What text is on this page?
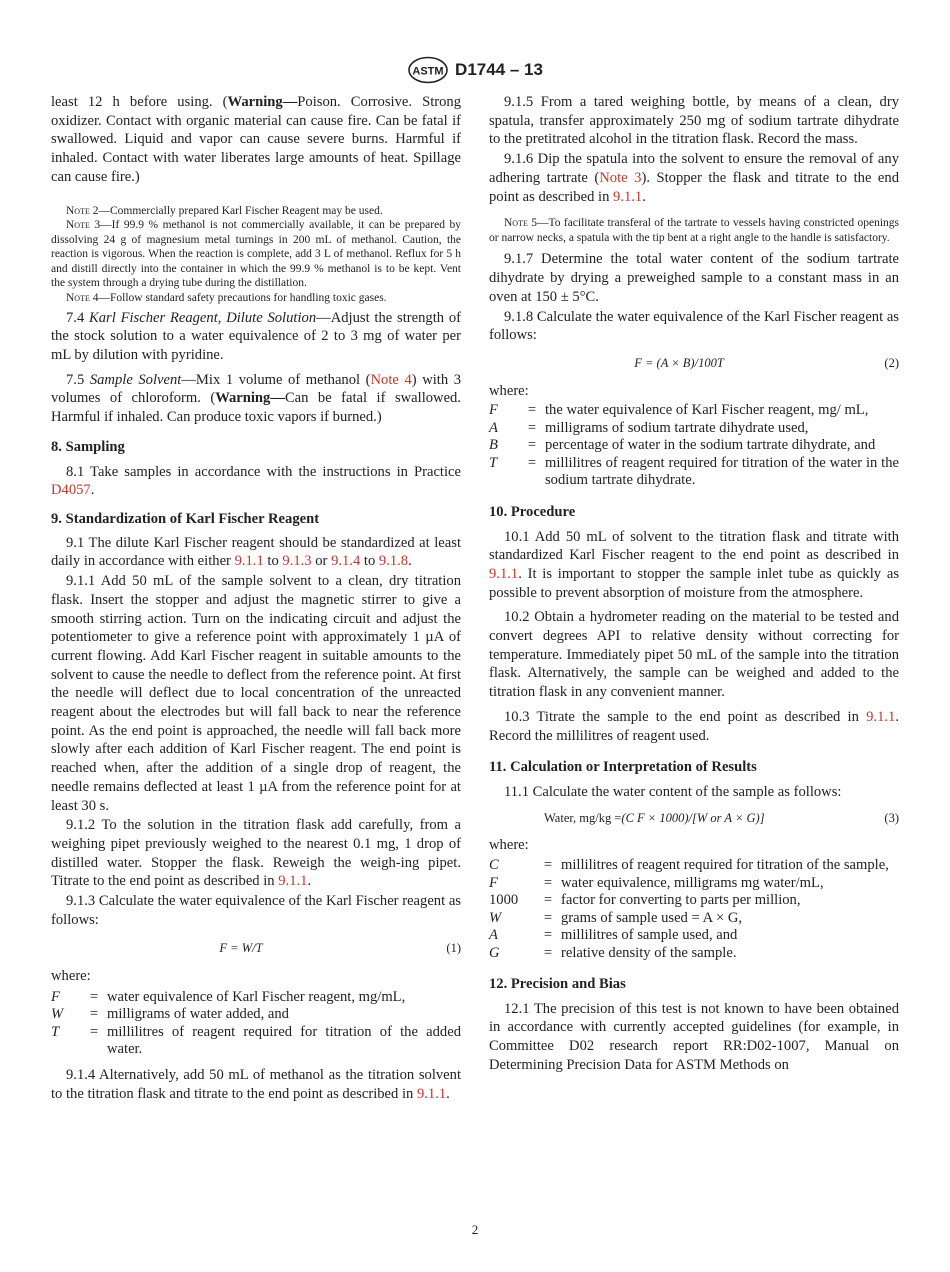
ASTM D1744 – 13

least 12 h before using. (Warning—Poison. Corrosive. Strong oxidizer. Contact with organic material can cause fire. Can be fatal if swallowed. Liquid and vapor can cause severe burns. Harmful if inhaled. Contact with water liberates large amounts of heat. Spillage can cause fire.)

Note 2—Commercially prepared Karl Fischer Reagent may be used.

Note 3—If 99.9 % methanol is not commercially available, it can be prepared by dissolving 24 g of magnesium metal turnings in 200 mL of methanol. Caution, the reaction is vigorous. When the reaction is complete, add 3 L of methanol. Reflux for 5 h and distill directly into the container in which the 99.9 % methanol is to be kept. Vent the system through a drying tube during the distillation.

Note 4—Follow standard safety precautions for handling toxic gases.

7.4 Karl Fischer Reagent, Dilute Solution—Adjust the strength of the stock solution to a water equivalence of 2 to 3 mg of water per mL by dilution with pyridine.

7.5 Sample Solvent—Mix 1 volume of methanol (Note 4) with 3 volumes of chloroform. (Warning—Can be fatal if swallowed. Harmful if inhaled. Can produce toxic vapors if burned.)

8. Sampling

8.1 Take samples in accordance with the instructions in Practice D4057.

9. Standardization of Karl Fischer Reagent

9.1 The dilute Karl Fischer reagent should be standardized at least daily in accordance with either 9.1.1 to 9.1.3 or 9.1.4 to 9.1.8.

9.1.1 Add 50 mL of the sample solvent to a clean, dry titration flask. Insert the stopper and adjust the magnetic stirrer to give a smooth stirring action. Turn on the indicating circuit and adjust the potentiometer to give a reference point with approximately 1 µA of current flowing. Add Karl Fischer reagent in suitable amounts to the solvent to cause the needle to deflect from the reference point. At first the needle will deflect due to local concentration of the unreacted reagent about the electrodes but will fall back to near the reference point. As the end point is approached, the needle will fall back more slowly after each addition of Karl Fischer reagent. The end point is reached when, after the addition of a single drop of reagent, the needle remains deflected at least 1 µA from the reference point for at least 30 s.

9.1.2 To the solution in the titration flask add carefully, from a weighing pipet previously weighed to the nearest 0.1 mg, 1 drop of distilled water. Stopper the flask. Reweigh the weigh-ing pipet. Titrate to the end point as described in 9.1.1.

9.1.3 Calculate the water equivalence of the Karl Fischer reagent as follows:

F = W/T	(1)

where:

F	=	water equivalence of Karl Fischer reagent, mg/mL,
W	=	milligrams of water added, and
T	=	millilitres of reagent required for titration of the added water.

9.1.4 Alternatively, add 50 mL of methanol as the titration solvent to the titration flask and titrate to the end point as described in 9.1.1.

9.1.5 From a tared weighing bottle, by means of a clean, dry spatula, transfer approximately 250 mg of sodium tartrate dihydrate to the pretitrated alcohol in the titration flask. Record the mass.

9.1.6 Dip the spatula into the solvent to ensure the removal of any adhering tartrate (Note 3). Stopper the flask and titrate to the end point as described in 9.1.1.

Note 5—To facilitate transferal of the tartrate to vessels having constricted openings or narrow necks, a spatula with the tip bent at a right angle to the handle is satisfactory.

9.1.7 Determine the total water content of the sodium tartrate dihydrate by drying a preweighed sample to a constant mass in an oven at 150 ± 5°C.

9.1.8 Calculate the water equivalence of the Karl Fischer reagent as follows:

F = (A × B)/100T	(2)

where:

F	=	the water equivalence of Karl Fischer reagent, mg/ mL,
A	=	milligrams of sodium tartrate dihydrate used,
B	=	percentage of water in the sodium tartrate dihydrate, and
T	=	millilitres of reagent required for titration of the water in the sodium tartrate dihydrate.

10. Procedure

10.1 Add 50 mL of solvent to the titration flask and titrate with standardized Karl Fischer reagent to the end point as described in 9.1.1. It is important to stopper the sample inlet tube as quickly as possible to prevent absorption of moisture from the atmosphere.

10.2 Obtain a hydrometer reading on the material to be tested and convert degrees API to relative density without correcting for temperature. Immediately pipet 50 mL of the sample into the titration flask. Alternatively, the sample can be weighed and added to the titration flask in any convenient manner.

10.3 Titrate the sample to the end point as described in 9.1.1. Record the millilitres of reagent used.

11. Calculation or Interpretation of Results

11.1 Calculate the water content of the sample as follows:

Water, mg/kg =(C F × 1000)/[W or A × G)]	(3)

where:

C	=	millilitres of reagent required for titration of the sample,
F	=	water equivalence, milligrams mg water/mL,
1000	=	factor for converting to parts per million,
W	=	grams of sample used = A × G,
A	=	millilitres of sample used, and
G	=	relative density of the sample.

12. Precision and Bias

12.1 The precision of this test is not known to have been obtained in accordance with currently accepted guidelines (for example, in Committee D02 research report RR:D02-1007, Manual on Determining Precision Data for ASTM Methods on

2
